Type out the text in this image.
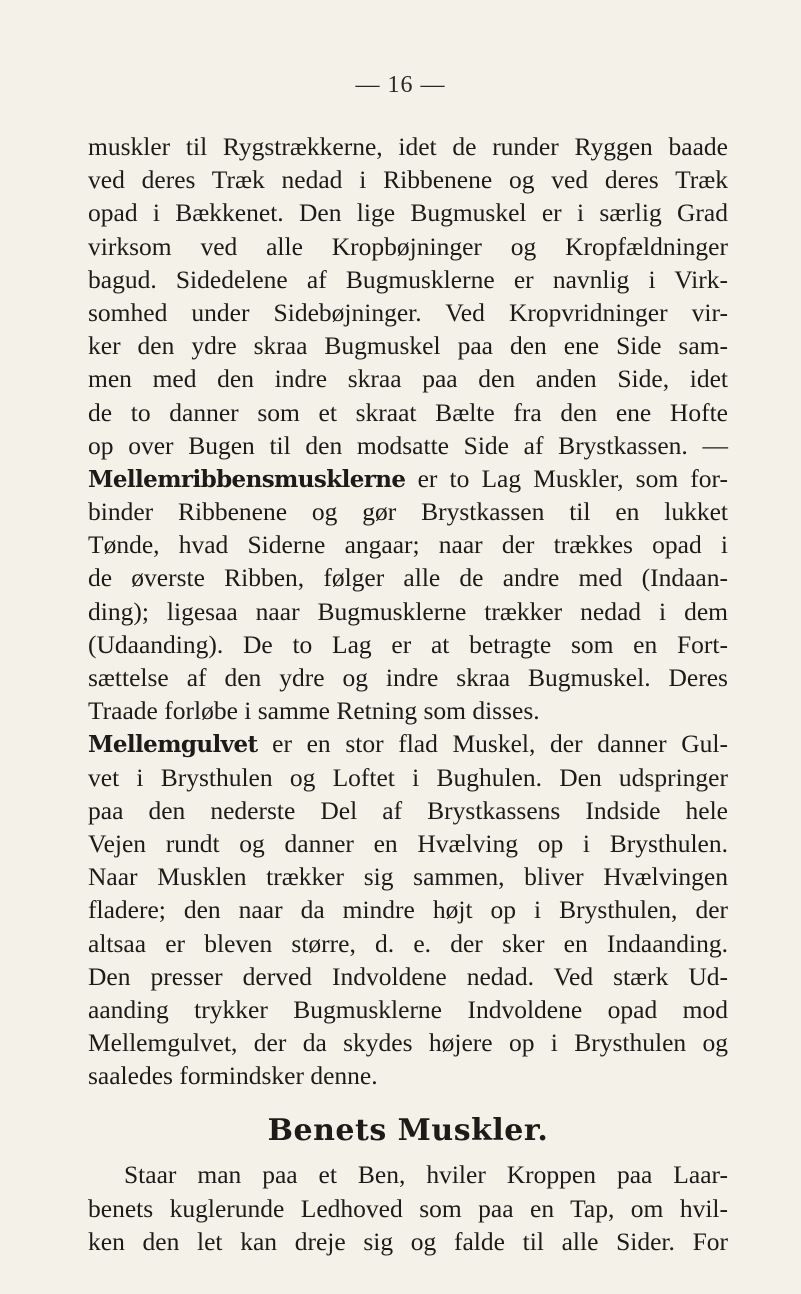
— 16 —
muskler til Rygstrækkerne, idet de runder Ryggen baade
ved deres Træk nedad i Ribbenene og ved deres Træk
opad i Bækkenet. Den lige Bugmuskel er i særlig Grad
virksom ved alle Kropbøjninger og Kropfældninger
bagud. Sidedelene af Bugmusklerne er navnlig i Virk-
somhed under Sidebøjninger. Ved Kropvridninger vir-
ker den ydre skraa Bugmuskel paa den ene Side sam-
men med den indre skraa paa den anden Side, idet
de to danner som et skraat Bælte fra den ene Hofte
op over Bugen til den modsatte Side af Brystkassen. —
Mellemribbensmusklerne er to Lag Muskler, som for-
binder Ribbenene og gør Brystkassen til en lukket
Tønde, hvad Siderne angaar; naar der trækkes opad i
de øverste Ribben, følger alle de andre med (Indaan-
ding); ligesaa naar Bugmusklerne trækker nedad i dem
(Udaanding). De to Lag er at betragte som en Fort-
sættelse af den ydre og indre skraa Bugmuskel. Deres
Traade forløbe i samme Retning som disses.
Mellemgulvet er en stor flad Muskel, der danner Gul-
vet i Brysthulen og Loftet i Bughulen. Den udspringer
paa den nederste Del af Brystkassens Indside hele
Vejen rundt og danner en Hvælving op i Brysthulen.
Naar Musklen trækker sig sammen, bliver Hvælvingen
fladere; den naar da mindre højt op i Brysthulen, der
altsaa er bleven større, d. e. der sker en Indaanding.
Den presser derved Indvoldene nedad. Ved stærk Ud-
aanding trykker Bugmusklerne Indvoldene opad mod
Mellemgulvet, der da skydes højere op i Brysthulen og
saaledes formindsker denne.
Benets Muskler.
Staar man paa et Ben, hviler Kroppen paa Laar-
benets kuglerunde Ledhoved som paa en Tap, om hvil-
ken den let kan dreje sig og falde til alle Sider. For
